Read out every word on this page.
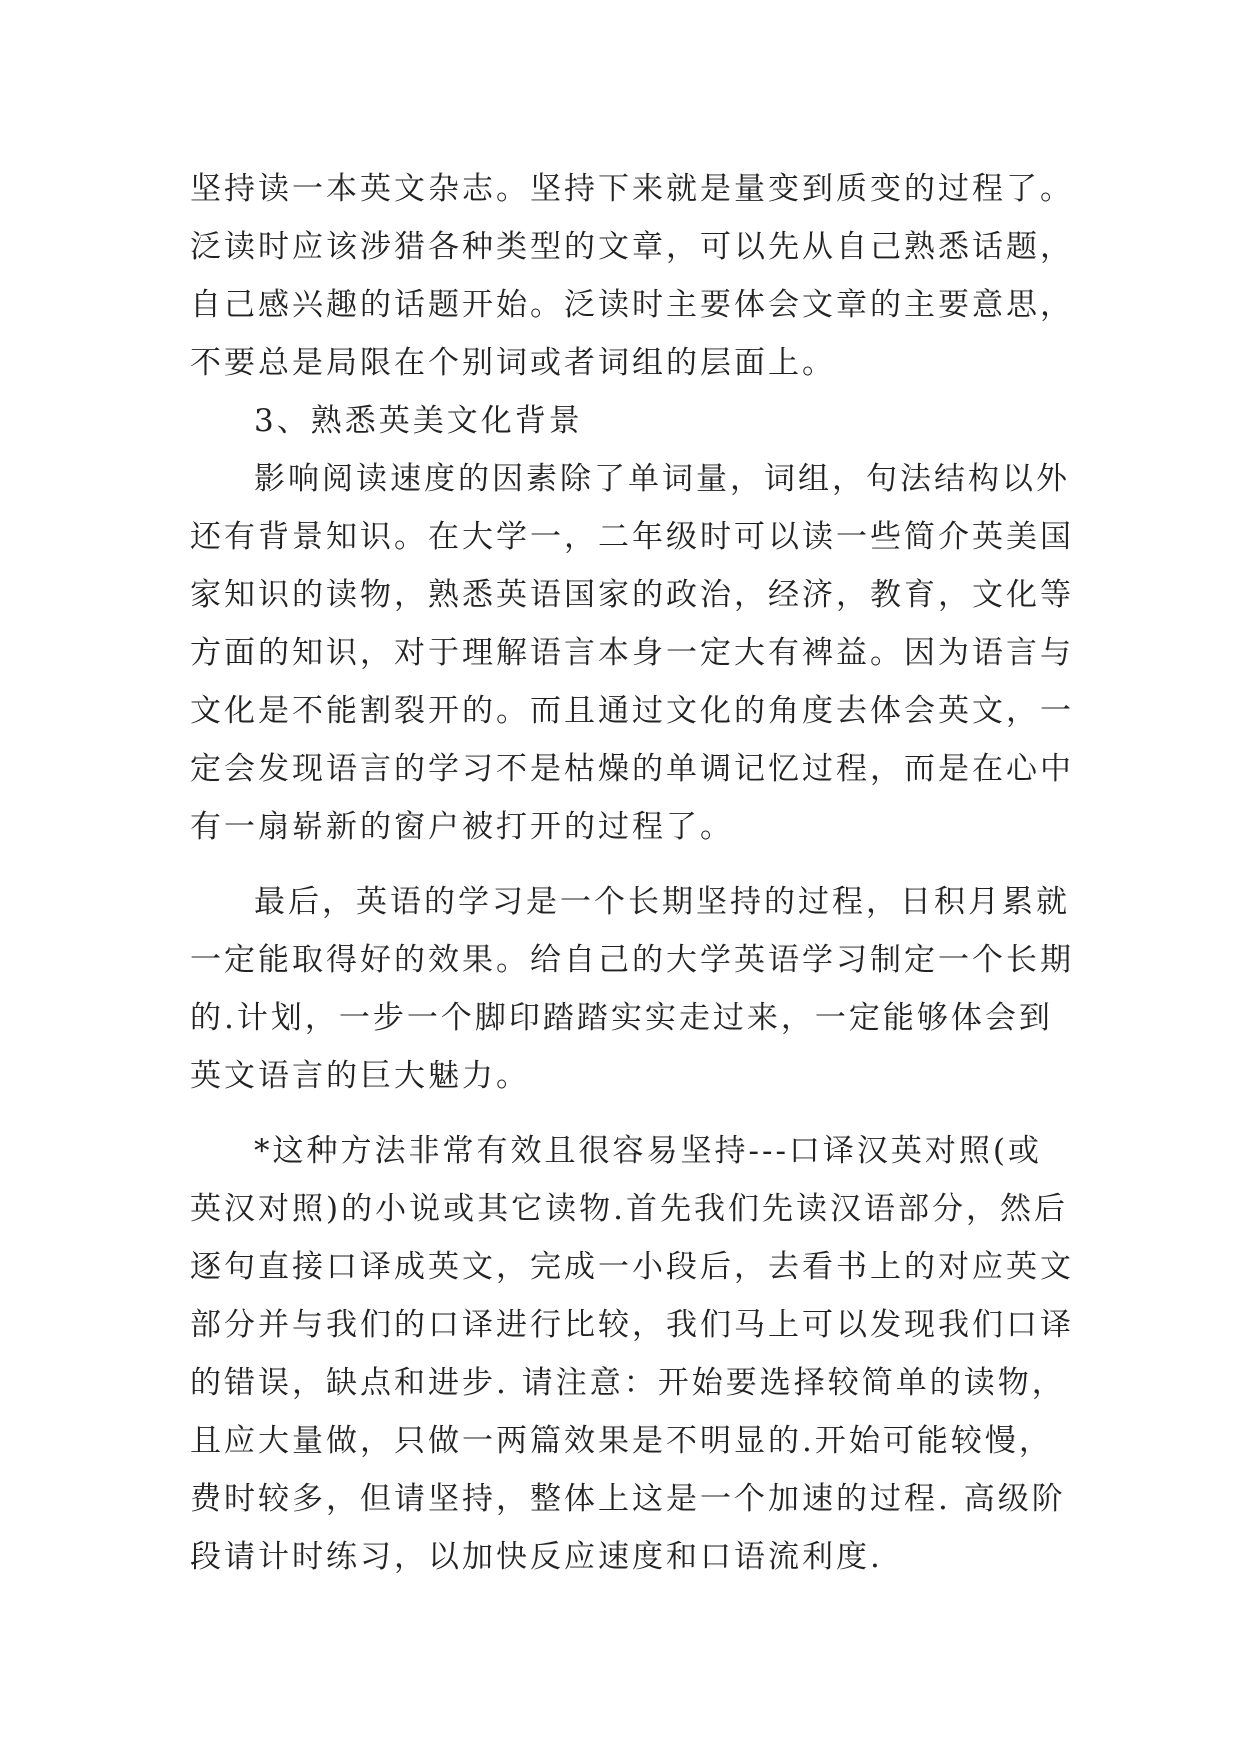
坚持读一本英文杂志。坚持下来就是量变到质变的过程了。
泛读时应该涉猎各种类型的文章，可以先从自己熟悉话题，
自己感兴趣的话题开始。泛读时主要体会文章的主要意思，
不要总是局限在个别词或者词组的层面上。
3、熟悉英美文化背景
影响阅读速度的因素除了单词量，词组，句法结构以外
还有背景知识。在大学一，二年级时可以读一些简介英美国
家知识的读物，熟悉英语国家的政治，经济，教育，文化等
方面的知识，对于理解语言本身一定大有裨益。因为语言与
文化是不能割裂开的。而且通过文化的角度去体会英文，一
定会发现语言的学习不是枯燥的单调记忆过程，而是在心中
有一扇崭新的窗户被打开的过程了。
最后，英语的学习是一个长期坚持的过程，日积月累就
一定能取得好的效果。给自己的大学英语学习制定一个长期
的.计划，一步一个脚印踏踏实实走过来，一定能够体会到
英文语言的巨大魅力。
*这种方法非常有效且很容易坚持---口译汉英对照(或
英汉对照)的小说或其它读物.首先我们先读汉语部分，然后
逐句直接口译成英文，完成一小段后，去看书上的对应英文
部分并与我们的口译进行比较，我们马上可以发现我们口译
的错误，缺点和进步. 请注意：开始要选择较简单的读物，
且应大量做，只做一两篇效果是不明显的.开始可能较慢，
费时较多，但请坚持，整体上这是一个加速的过程. 高级阶
段请计时练习，以加快反应速度和口语流利度.
